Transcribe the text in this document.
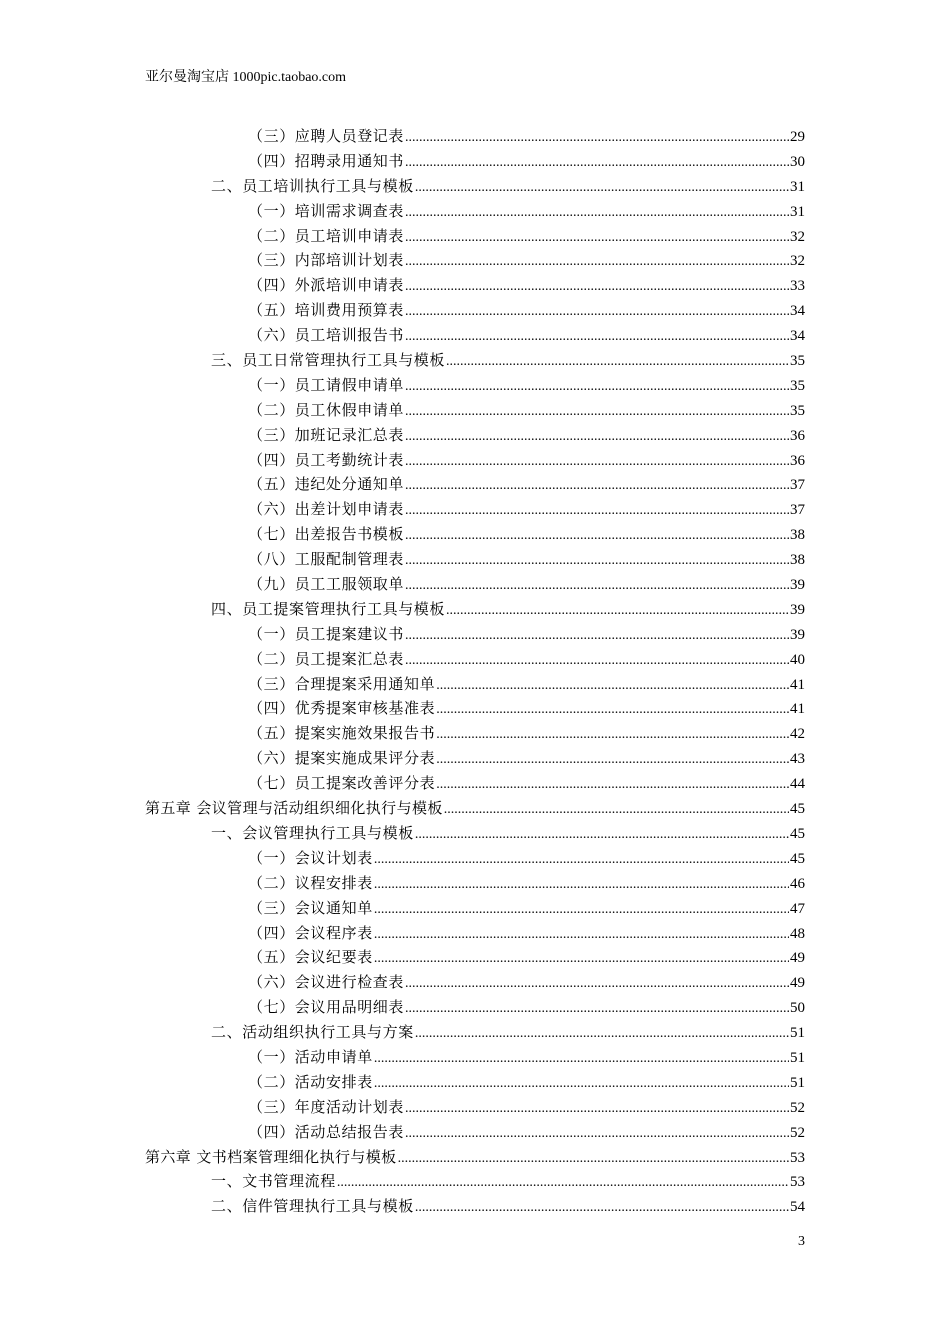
亚尔曼淘宝店 1000pic.taobao.com
（三）应聘人员登记表 .....	29
（四）招聘录用通知书 .....	30
二、员工培训执行工具与模板 .....	31
（一）培训需求调查表 .....	31
（二）员工培训申请表 .....	32
（三）内部培训计划表 .....	32
（四）外派培训申请表 .....	33
（五）培训费用预算表 .....	34
（六）员工培训报告书 .....	34
三、员工日常管理执行工具与模板 .....	35
（一）员工请假申请单 .....	35
（二）员工休假申请单 .....	35
（三）加班记录汇总表 .....	36
（四）员工考勤统计表 .....	36
（五）违纪处分通知单 .....	37
（六）出差计划申请表 .....	37
（七）出差报告书模板 .....	38
（八）工服配制管理表 .....	38
（九）员工工服领取单 .....	39
四、员工提案管理执行工具与模板 .....	39
（一）员工提案建议书 .....	39
（二）员工提案汇总表 .....	40
（三）合理提案采用通知单 .....	41
（四）优秀提案审核基准表 .....	41
（五）提案实施效果报告书 .....	42
（六）提案实施成果评分表 .....	43
（七）员工提案改善评分表 .....	44
第五章 会议管理与活动组织细化执行与模板 .....	45
一、会议管理执行工具与模板 .....	45
（一）会议计划表 .....	45
（二）议程安排表 .....	46
（三）会议通知单 .....	47
（四）会议程序表 .....	48
（五）会议纪要表 .....	49
（六）会议进行检查表 .....	49
（七）会议用品明细表 .....	50
二、活动组织执行工具与方案 .....	51
（一）活动申请单 .....	51
（二）活动安排表 .....	51
（三）年度活动计划表 .....	52
（四）活动总结报告表 .....	52
第六章 文书档案管理细化执行与模板 .....	53
一、文书管理流程 .....	53
二、信件管理执行工具与模板 .....	54
3
